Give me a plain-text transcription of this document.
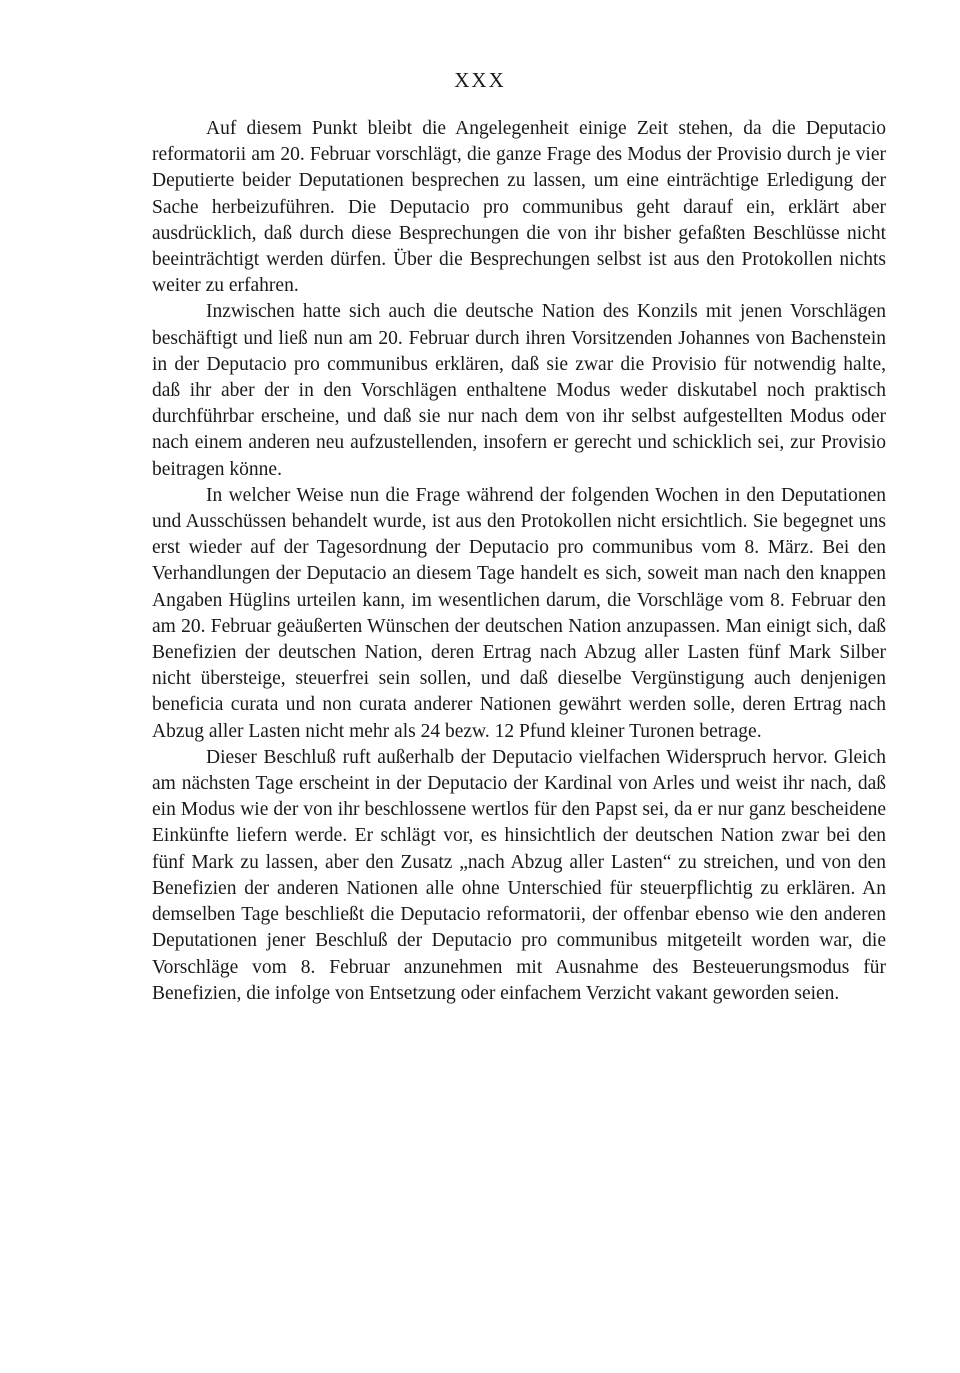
XXX

Auf diesem Punkt bleibt die Angelegenheit einige Zeit stehen, da die Deputacio reformatorii am 20. Februar vorschlägt, die ganze Frage des Modus der Provisio durch je vier Deputierte beider Deputationen besprechen zu lassen, um eine einträchtige Erledigung der Sache herbeizuführen. Die Deputacio pro communibus geht darauf ein, erklärt aber ausdrücklich, daß durch diese Besprechungen die von ihr bisher gefaßten Beschlüsse nicht beeinträchtigt werden dürfen. Über die Besprechungen selbst ist aus den Protokollen nichts weiter zu erfahren.

Inzwischen hatte sich auch die deutsche Nation des Konzils mit jenen Vorschlägen beschäftigt und ließ nun am 20. Februar durch ihren Vorsitzenden Johannes von Bachenstein in der Deputacio pro communibus erklären, daß sie zwar die Provisio für notwendig halte, daß ihr aber der in den Vorschlägen enthaltene Modus weder diskutabel noch praktisch durchführbar erscheine, und daß sie nur nach dem von ihr selbst aufgestellten Modus oder nach einem anderen neu aufzustellenden, insofern er gerecht und schicklich sei, zur Provisio beitragen könne.

In welcher Weise nun die Frage während der folgenden Wochen in den Deputationen und Ausschüssen behandelt wurde, ist aus den Protokollen nicht ersichtlich. Sie begegnet uns erst wieder auf der Tagesordnung der Deputacio pro communibus vom 8. März. Bei den Verhandlungen der Deputacio an diesem Tage handelt es sich, soweit man nach den knappen Angaben Hüglins urteilen kann, im wesentlichen darum, die Vorschläge vom 8. Februar den am 20. Februar geäußerten Wünschen der deutschen Nation anzupassen. Man einigt sich, daß Benefizien der deutschen Nation, deren Ertrag nach Abzug aller Lasten fünf Mark Silber nicht übersteige, steuerfrei sein sollen, und daß dieselbe Vergünstigung auch denjenigen beneficia curata und non curata anderer Nationen gewährt werden solle, deren Ertrag nach Abzug aller Lasten nicht mehr als 24 bezw. 12 Pfund kleiner Turonen betrage.

Dieser Beschluß ruft außerhalb der Deputacio vielfachen Widerspruch hervor. Gleich am nächsten Tage erscheint in der Deputacio der Kardinal von Arles und weist ihr nach, daß ein Modus wie der von ihr beschlossene wertlos für den Papst sei, da er nur ganz bescheidene Einkünfte liefern werde. Er schlägt vor, es hinsichtlich der deutschen Nation zwar bei den fünf Mark zu lassen, aber den Zusatz „nach Abzug aller Lasten“ zu streichen, und von den Benefizien der anderen Nationen alle ohne Unterschied für steuerpflichtig zu erklären. An demselben Tage beschließt die Deputacio reformatorii, der offenbar ebenso wie den anderen Deputationen jener Beschluß der Deputacio pro communibus mitgeteilt worden war, die Vorschläge vom 8. Februar anzunehmen mit Ausnahme des Besteuerungsmodus für Benefizien, die infolge von Entsetzung oder einfachem Verzicht vakant geworden seien.
